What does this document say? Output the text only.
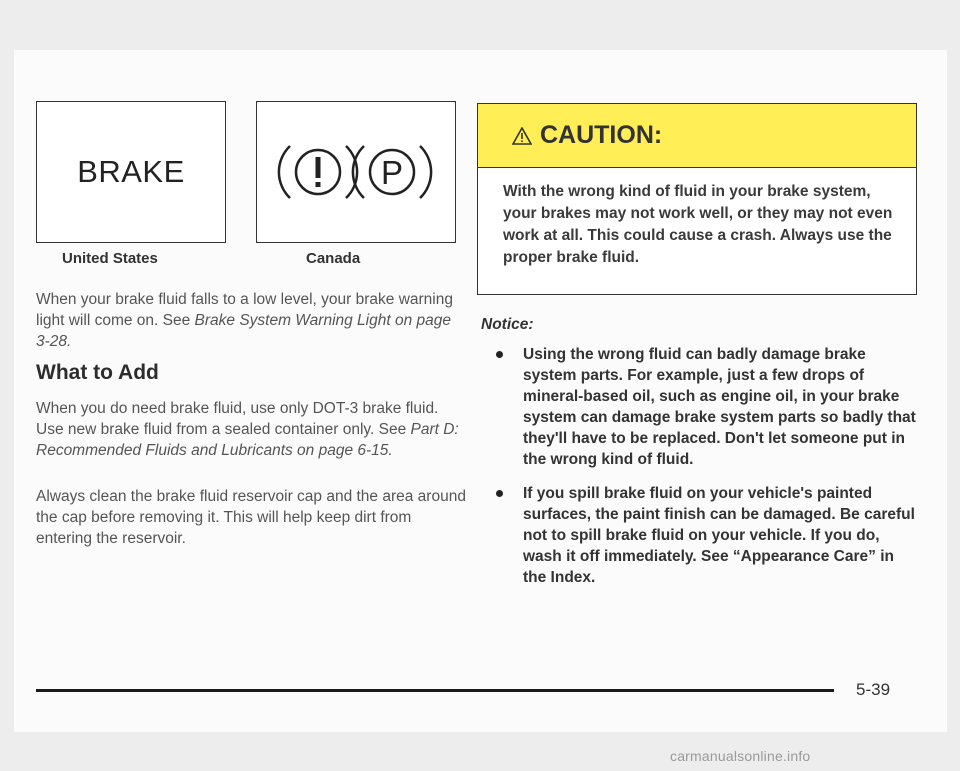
BRAKE
United States
P
Canada
When your brake fluid falls to a low level, your brake warning light will come on. See Brake System Warning Light on page 3-28.
What to Add
When you do need brake fluid, use only DOT-3 brake fluid. Use new brake fluid from a sealed container only. See Part D: Recommended Fluids and Lubricants on page 6-15.
Always clean the brake fluid reservoir cap and the area around the cap before removing it. This will help keep dirt from entering the reservoir.
CAUTION:
With the wrong kind of fluid in your brake system, your brakes may not work well, or they may not even work at all. This could cause a crash. Always use the proper brake fluid.
Notice:
Using the wrong fluid can badly damage brake system parts. For example, just a few drops of mineral-based oil, such as engine oil, in your brake system can damage brake system parts so badly that they'll have to be replaced. Don't let someone put in the wrong kind of fluid.
If you spill brake fluid on your vehicle's painted surfaces, the paint finish can be damaged. Be careful not to spill brake fluid on your vehicle. If you do, wash it off immediately. See “Appearance Care” in the Index.
5-39
carmanualsonline.info
